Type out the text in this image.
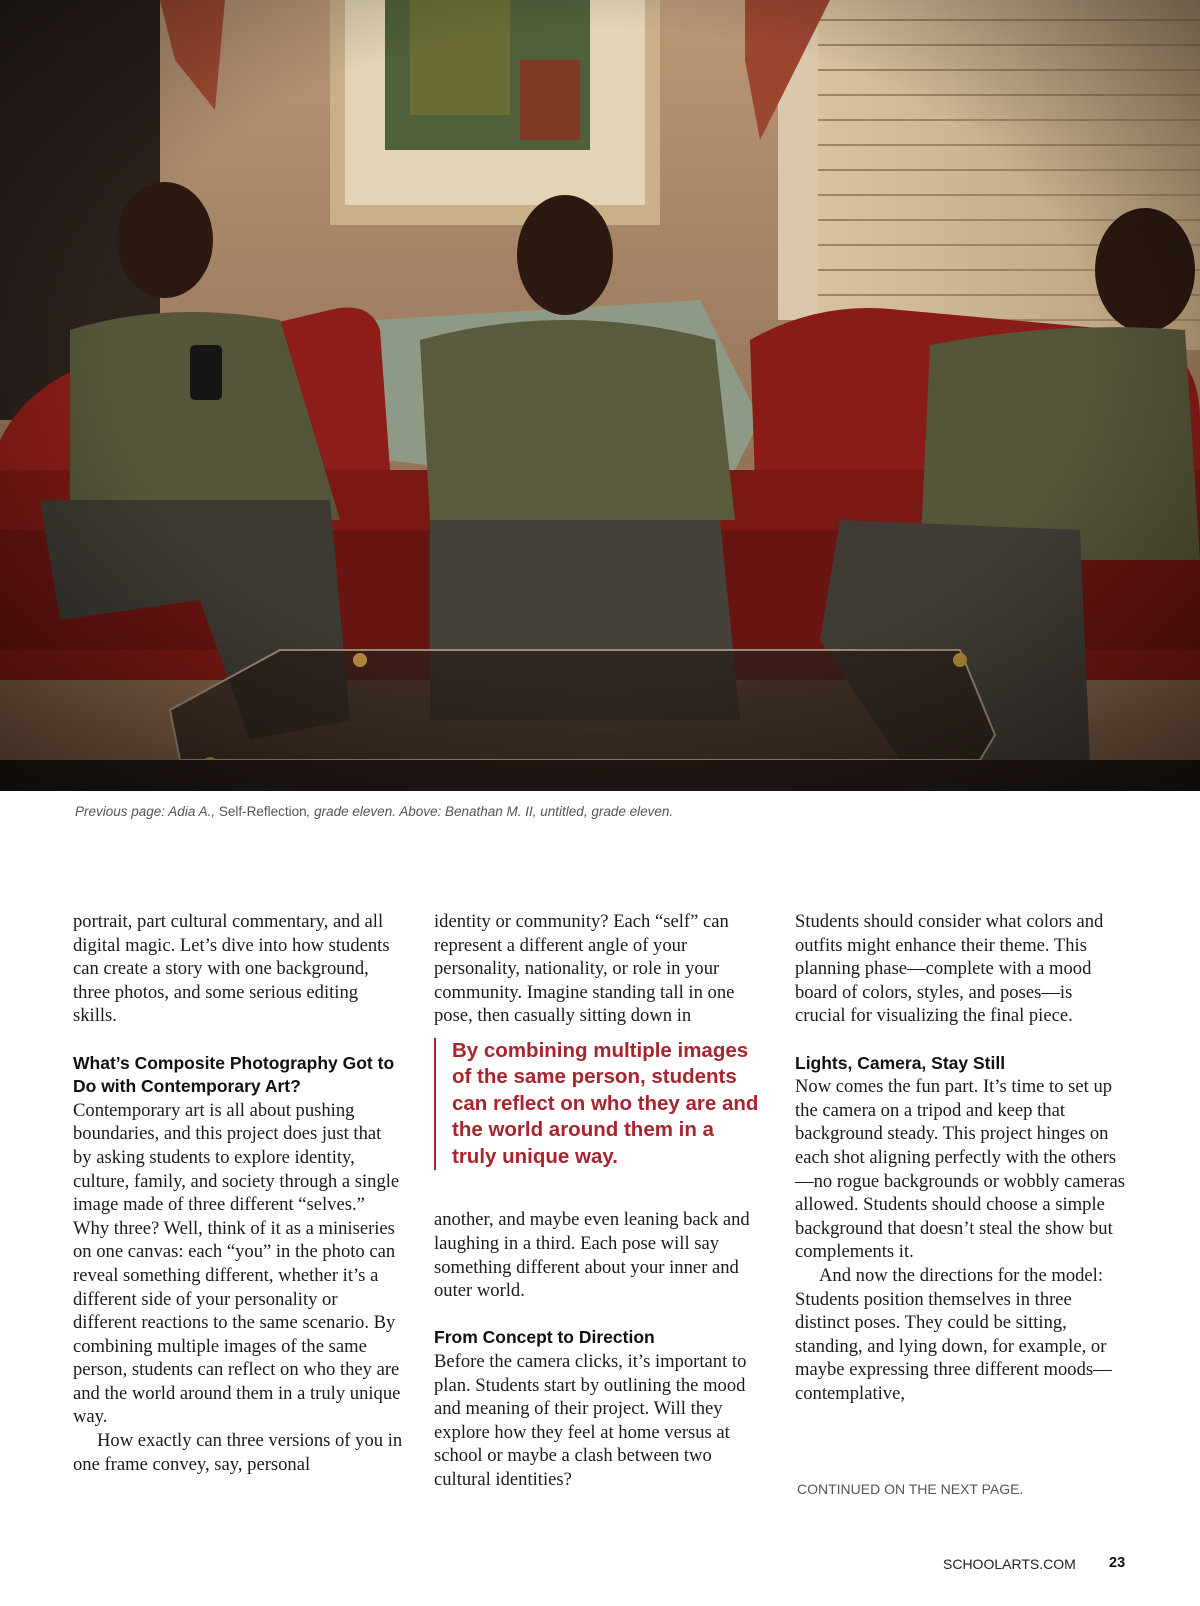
Previous page: Adia A., Self-Reflection, grade eleven. Above: Benathan M. II, untitled, grade eleven.

portrait, part cultural commentary, and all digital magic. Let’s dive into how students can create a story with one background, three photos, and some serious editing skills.

What’s Composite Photography Got to Do with Contemporary Art?

Contemporary art is all about pushing boundaries, and this project does just that by asking students to explore identity, culture, family, and society through a single image made of three different “selves.” Why three? Well, think of it as a miniseries on one canvas: each “you” in the photo can reveal something different, whether it’s a different side of your personality or different reactions to the same scenario. By combining multiple images of the same person, students can reflect on who they are and the world around them in a truly unique way.

How exactly can three versions of you in one frame convey, say, personal

identity or community? Each “self” can represent a different angle of your personality, nationality, or role in your community. Imagine standing tall in one pose, then casually sitting down in

By combining multiple images of the same person, students can reflect on who they are and the world around them in a truly unique way.

another, and maybe even leaning back and laughing in a third. Each pose will say something different about your inner and outer world.

From Concept to Direction

Before the camera clicks, it’s important to plan. Students start by outlining the mood and meaning of their project. Will they explore how they feel at home versus at school or maybe a clash between two cultural identities?

Students should consider what colors and outfits might enhance their theme. This planning phase—complete with a mood board of colors, styles, and poses—is crucial for visualizing the final piece.

Lights, Camera, Stay Still

Now comes the fun part. It’s time to set up the camera on a tripod and keep that background steady. This project hinges on each shot aligning perfectly with the others—no rogue backgrounds or wobbly cameras allowed. Students should choose a simple background that doesn’t steal the show but complements it.

And now the directions for the model: Students position themselves in three distinct poses. They could be sitting, standing, and lying down, for example, or maybe expressing three different moods—contemplative,

CONTINUED ON THE NEXT PAGE.
SCHOOLARTS.COM 23
